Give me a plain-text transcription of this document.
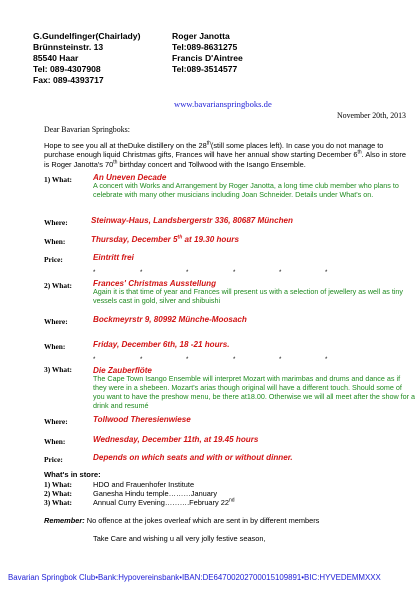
G.Gundelfinger(Chairlady)
Brünnsteinstr. 13
85540 Haar
Tel: 089-4307908
Fax: 089-4393717
Roger Janotta
Tel:089-8631275
Francis D'Aintree
Tel:089-3514577
www.bavarianspringboks.de
November 20th, 2013
Dear Bavarian Springboks:
Hope to see you all at theDuke distillery on the 28th(still some places left). In case you do not manage to purchase enough liquid Christmas gifts, Frances will have her annual show starting December 6th. Also in store is Roger Janotta's 70th birthday concert and Tollwood with the Isango Ensemble.
1) What:	An Uneven Decade
A concert with Works and Arrangement by Roger Janotta, a long time club member who plans to celebrate with many other musicians including Joan Schneider. Details under What's on.
Where:	Steinway-Haus, Landsbergerstr 336, 80687 München
When:	Thursday, December 5th at 19.30 hours
Price:	Eintritt frei
*	*	*	*	*	*
2) What:	Frances' Christmas Ausstellung
Again it is that time of year and Frances will present us with a selection of jewellery as well as tiny vessels cast in gold, silver and shibuishi
Where:	Bockmeyrstr 9, 80992 Münche-Moosach
When:	Friday, December 6th, 18 -21 hours.
*	*	*	*	*	*
3) What:	Die Zauberflöte
The Cape Town Isango Ensemble will interpret Mozart with marimbas and drums and dance as if they were in a shebeen. Mozart's arias though original will have a different touch. Should some of you want to have the preshow menu, be there at18.00. Otherwise we will all meet after the show for a drink and resumé
Where:	Tollwood Theresienwiese
When:	Wednesday, December 11th, at 19.45 hours
Price:	Depends on which seats and with or without dinner.
What's in store:
1) What:	HDO and Frauenhofer Institute
2) What:	Ganesha Hindu temple………January
3) What:	Annual Curry Evening……….February 22nd
Remember: No offence at the jokes overleaf which are sent in by different members
Take Care and wishing u all very jolly festive season,
Bavarian Springbok Club•Bank:Hypovereinsbank•IBAN:DE64700202700015109891•BIC:HYVEDEMMXXX
